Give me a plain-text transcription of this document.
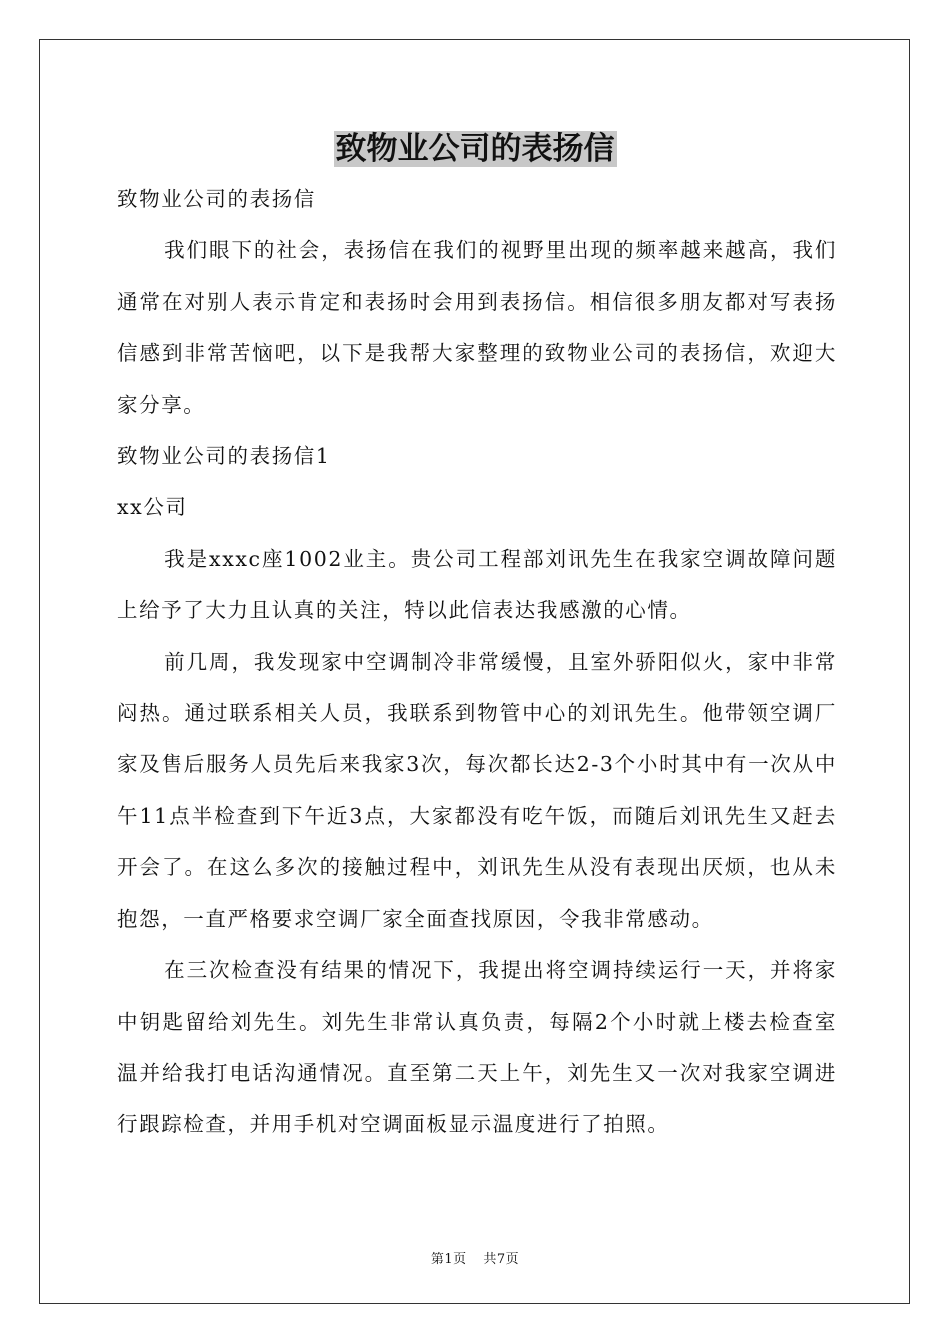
致物业公司的表扬信

致物业公司的表扬信

我们眼下的社会，表扬信在我们的视野里出现的频率越来越高，我们通常在对别人表示肯定和表扬时会用到表扬信。相信很多朋友都对写表扬信感到非常苦恼吧，以下是我帮大家整理的致物业公司的表扬信，欢迎大家分享。

致物业公司的表扬信1

xx公司

我是xxxc座1002业主。贵公司工程部刘讯先生在我家空调故障问题上给予了大力且认真的关注，特以此信表达我感激的心情。

前几周，我发现家中空调制冷非常缓慢，且室外骄阳似火，家中非常闷热。通过联系相关人员，我联系到物管中心的刘讯先生。他带领空调厂家及售后服务人员先后来我家3次，每次都长达2-3个小时其中有一次从中午11点半检查到下午近3点，大家都没有吃午饭，而随后刘讯先生又赶去开会了。在这么多次的接触过程中，刘讯先生从没有表现出厌烦，也从未抱怨，一直严格要求空调厂家全面查找原因，令我非常感动。

在三次检查没有结果的情况下，我提出将空调持续运行一天，并将家中钥匙留给刘先生。刘先生非常认真负责，每隔2个小时就上楼去检查室温并给我打电话沟通情况。直至第二天上午，刘先生又一次对我家空调进行跟踪检查，并用手机对空调面板显示温度进行了拍照。

第1页 共7页
